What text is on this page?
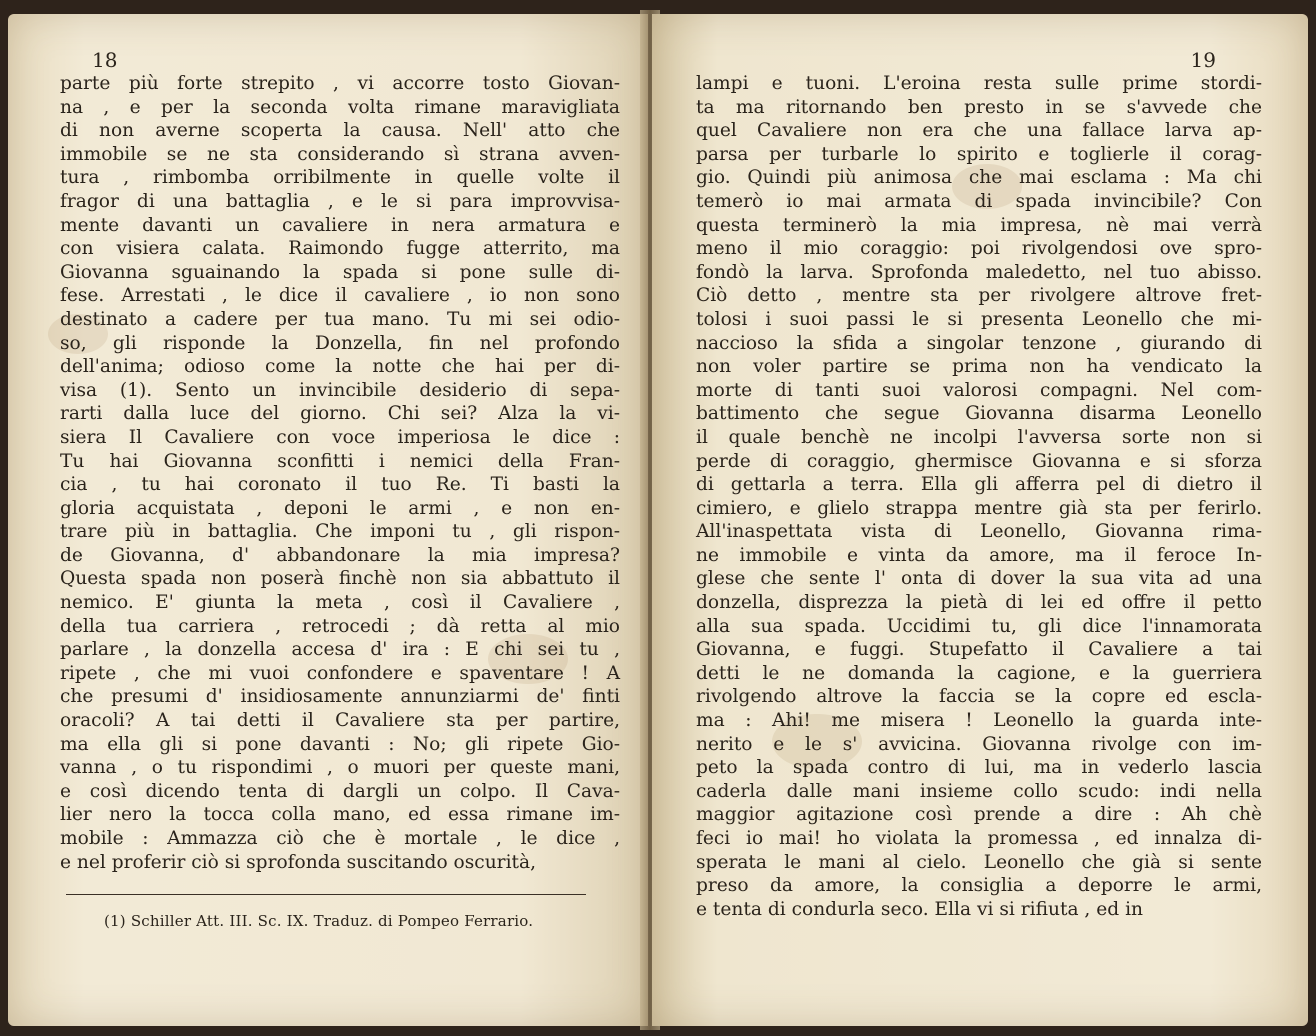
18
parte più forte strepito , vi accorre tosto Giovan-
na , e per la seconda volta rimane maravigliata
di non averne scoperta la causa. Nell' atto che
immobile se ne sta considerando sì strana avven-
tura , rimbomba orribilmente in quelle volte il
fragor di una battaglia , e le si para improvvisa-
mente davanti un cavaliere in nera armatura e
con visiera calata. Raimondo fugge atterrito, ma
Giovanna sguainando la spada si pone sulle di-
fese. Arrestati , le dice il cavaliere , io non sono
destinato a cadere per tua mano. Tu mi sei odio-
so, gli risponde la Donzella, fin nel profondo
dell'anima; odioso come la notte che hai per di-
visa (1). Sento un invincibile desiderio di sepa-
rarti dalla luce del giorno. Chi sei? Alza la vi-
siera Il Cavaliere con voce imperiosa le dice :
Tu hai Giovanna sconfitti i nemici della Fran-
cia , tu hai coronato il tuo Re. Ti basti la
gloria acquistata , deponi le armi , e non en-
trare più in battaglia. Che imponi tu , gli rispon-
de Giovanna, d' abbandonare la mia impresa?
Questa spada non poserà finchè non sia abbattuto il
nemico. E' giunta la meta , così il Cavaliere ,
della tua carriera , retrocedi ; dà retta al mio
parlare , la donzella accesa d' ira : E chi sei tu ,
ripete , che mi vuoi confondere e spaventare ! A
che presumi d' insidiosamente annunziarmi de' finti
oracoli? A tai detti il Cavaliere sta per partire,
ma ella gli si pone davanti : No; gli ripete Gio-
vanna , o tu rispondimi , o muori per queste mani,
e così dicendo tenta di dargli un colpo. Il Cava-
lier nero la tocca colla mano, ed essa rimane im-
mobile : Ammazza ciò che è mortale , le dice ,
e nel proferir ciò si sprofonda suscitando oscurità,
(1) Schiller Att. III. Sc. IX. Traduz. di Pompeo Ferrario.
19
lampi e tuoni. L'eroina resta sulle prime stordi-
ta ma ritornando ben presto in se s'avvede che
quel Cavaliere non era che una fallace larva ap-
parsa per turbarle lo spirito e toglierle il corag-
gio. Quindi più animosa che mai esclama : Ma chi
temerò io mai armata di spada invincibile? Con
questa terminerò la mia impresa, nè mai verrà
meno il mio coraggio: poi rivolgendosi ove spro-
fondò la larva. Sprofonda maledetto, nel tuo abisso.
Ciò detto , mentre sta per rivolgere altrove fret-
tolosi i suoi passi le si presenta Leonello che mi-
naccioso la sfida a singolar tenzone , giurando di
non voler partire se prima non ha vendicato la
morte di tanti suoi valorosi compagni. Nel com-
battimento che segue Giovanna disarma Leonello
il quale benchè ne incolpi l'avversa sorte non si
perde di coraggio, ghermisce Giovanna e si sforza
di gettarla a terra. Ella gli afferra pel di dietro il
cimiero, e glielo strappa mentre già sta per ferirlo.
All'inaspettata vista di Leonello, Giovanna rima-
ne immobile e vinta da amore, ma il feroce In-
glese che sente l' onta di dover la sua vita ad una
donzella, disprezza la pietà di lei ed offre il petto
alla sua spada. Uccidimi tu, gli dice l'innamorata
Giovanna, e fuggi. Stupefatto il Cavaliere a tai
detti le ne domanda la cagione, e la guerriera
rivolgendo altrove la faccia se la copre ed escla-
ma : Ahi! me misera ! Leonello la guarda inte-
nerito e le s' avvicina. Giovanna rivolge con im-
peto la spada contro di lui, ma in vederlo lascia
caderla dalle mani insieme collo scudo: indi nella
maggior agitazione così prende a dire : Ah chè
feci io mai! ho violata la promessa , ed innalza di-
sperata le mani al cielo. Leonello che già si sente
preso da amore, la consiglia a deporre le armi,
e tenta di condurla seco. Ella vi si rifiuta , ed in
